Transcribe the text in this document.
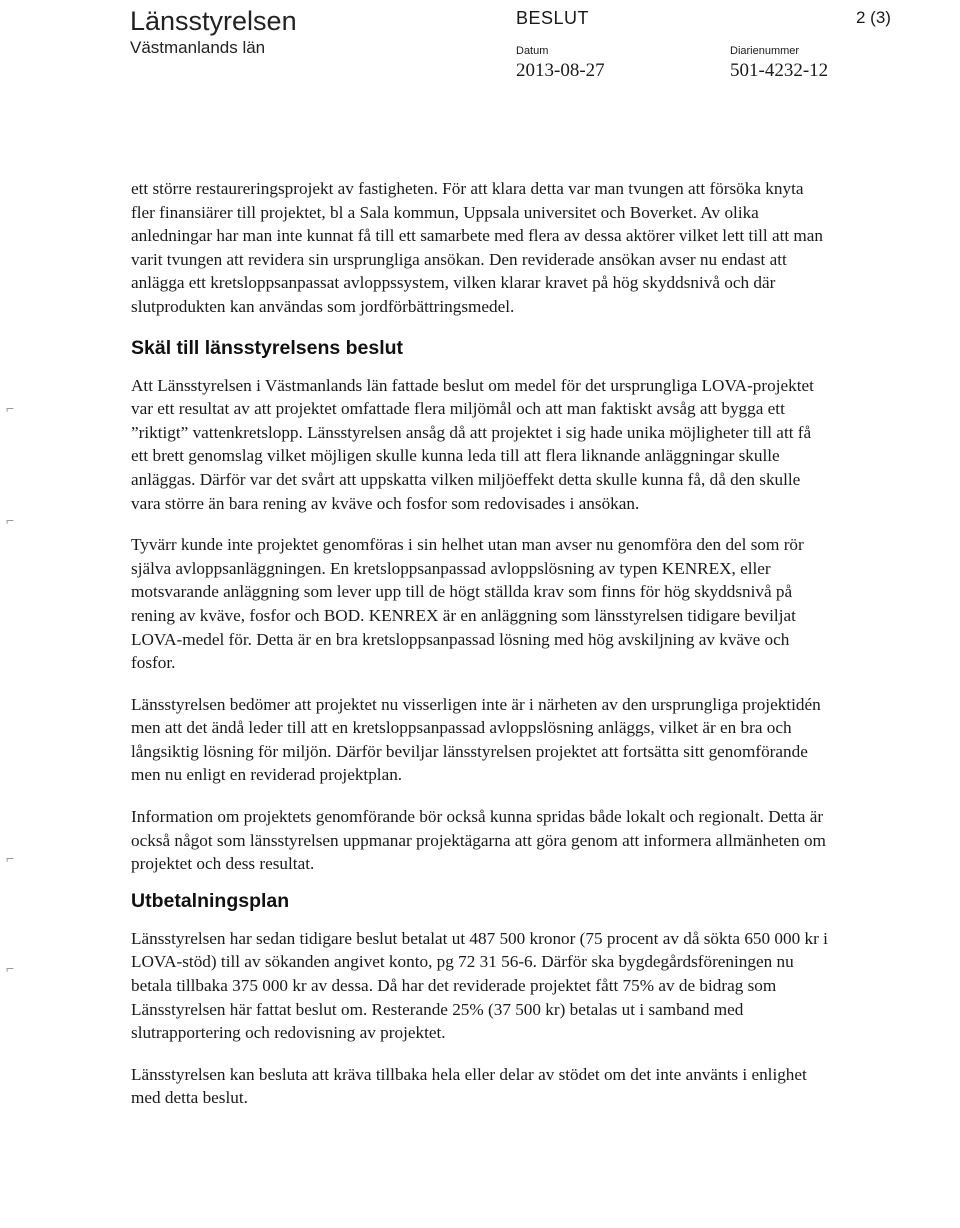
Länsstyrelsen
Västmanlands län
BESLUT	2 (3)
Datum
2013-08-27
Diarienummer
501-4232-12
⌐
⌐
⌐
⌐

ett större restaureringsprojekt av fastigheten. För att klara detta var man tvungen att försöka knyta fler finansiärer till projektet, bl a Sala kommun, Uppsala universitet och Boverket. Av olika anledningar har man inte kunnat få till ett samarbete med flera av dessa aktörer vilket lett till att man varit tvungen att revidera sin ursprungliga ansökan. Den reviderade ansökan avser nu endast att anlägga ett kretsloppsanpassat avloppssystem, vilken klarar kravet på hög skyddsnivå och där slutprodukten kan användas som jordförbättringsmedel.

Skäl till länsstyrelsens beslut

Att Länsstyrelsen i Västmanlands län fattade beslut om medel för det ursprungliga LOVA-projektet var ett resultat av att projektet omfattade flera miljömål och att man faktiskt avsåg att bygga ett ”riktigt” vattenkretslopp. Länsstyrelsen ansåg då att projektet i sig hade unika möjligheter till att få ett brett genomslag vilket möjligen skulle kunna leda till att flera liknande anläggningar skulle anläggas. Därför var det svårt att uppskatta vilken miljöeffekt detta skulle kunna få, då den skulle vara större än bara rening av kväve och fosfor som redovisades i ansökan.

Tyvärr kunde inte projektet genomföras i sin helhet utan man avser nu genomföra den del som rör själva avloppsanläggningen. En kretsloppsanpassad avloppslösning av typen KENREX, eller motsvarande anläggning som lever upp till de högt ställda krav som finns för hög skyddsnivå på rening av kväve, fosfor och BOD. KENREX är en anläggning som länsstyrelsen tidigare beviljat LOVA-medel för. Detta är en bra kretsloppsanpassad lösning med hög avskiljning av kväve och fosfor.

Länsstyrelsen bedömer att projektet nu visserligen inte är i närheten av den ursprungliga projektidén men att det ändå leder till att en kretsloppsanpassad avloppslösning anläggs, vilket är en bra och långsiktig lösning för miljön. Därför beviljar länsstyrelsen projektet att fortsätta sitt genomförande men nu enligt en reviderad projektplan.

Information om projektets genomförande bör också kunna spridas både lokalt och regionalt. Detta är också något som länsstyrelsen uppmanar projektägarna att göra genom att informera allmänheten om projektet och dess resultat.

Utbetalningsplan

Länsstyrelsen har sedan tidigare beslut betalat ut 487 500 kronor (75 procent av då sökta 650 000 kr i LOVA-stöd) till av sökanden angivet konto, pg 72 31 56-6. Därför ska bygdegårdsföreningen nu betala tillbaka 375 000 kr av dessa. Då har det reviderade projektet fått 75% av de bidrag som Länsstyrelsen här fattat beslut om. Resterande 25% (37 500 kr) betalas ut i samband med slutrapportering och redovisning av projektet.

Länsstyrelsen kan besluta att kräva tillbaka hela eller delar av stödet om det inte använts i enlighet med detta beslut.
